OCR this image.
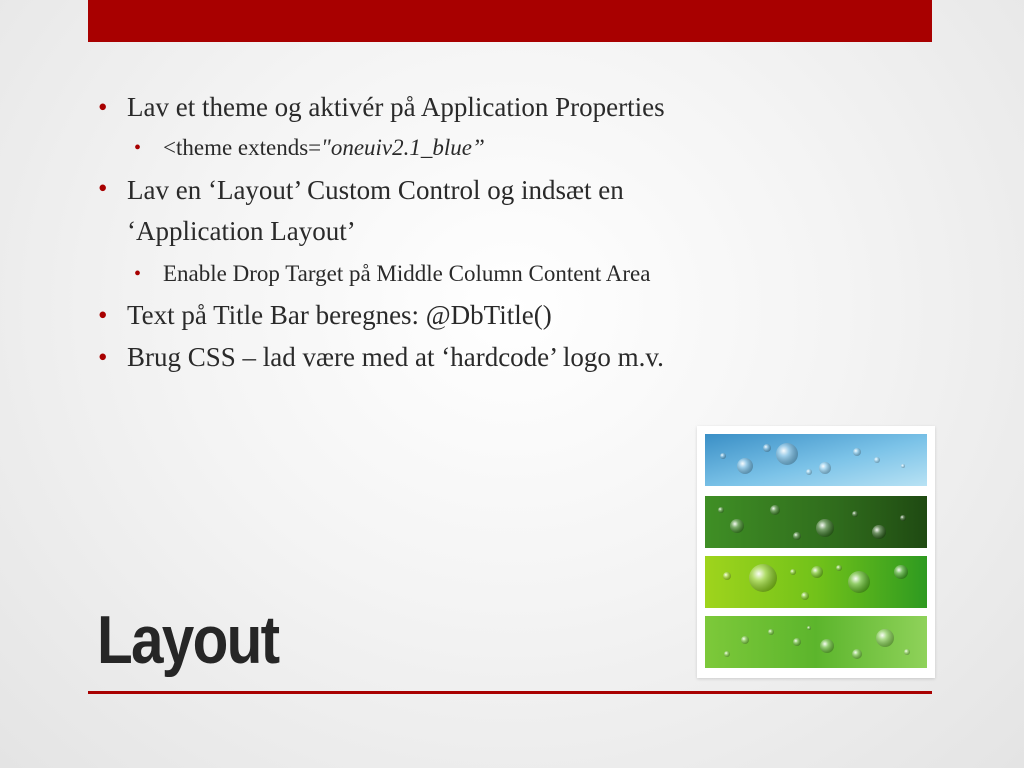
• Lav et theme og aktivér på Application Properties
• <theme extends="oneuiv2.1_blue”
• Lav en ‘Layout’ Custom Control og indsæt en
‘Application Layout’
• Enable Drop Target på Middle Column Content Area
• Text på Title Bar beregnes: @DbTitle()
• Brug CSS – lad være med at ‘hardcode’ logo m.v.
Layout
